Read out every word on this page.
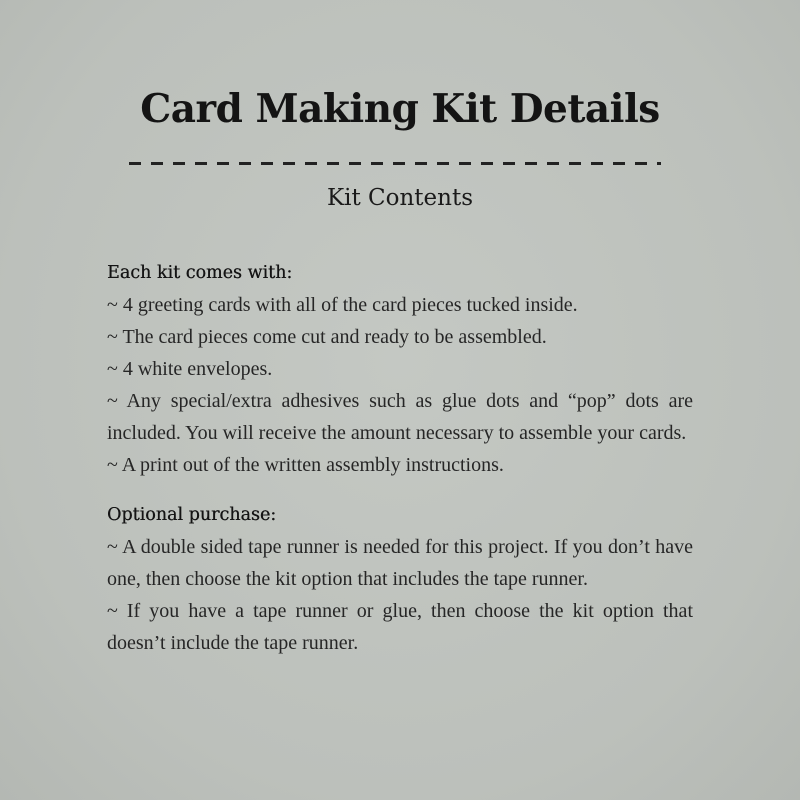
Card Making Kit Details
Kit Contents

Each kit comes with:

~ 4 greeting cards with all of the card pieces tucked inside.

~ The card pieces come cut and ready to be assembled.

~ 4 white envelopes.

~ Any special/extra adhesives such as glue dots and “pop” dots are included. You will receive the amount necessary to assemble your cards.

~ A print out of the written assembly instructions.

Optional purchase:

~ A double sided tape runner is needed for this project. If you don’t have one, then choose the kit option that includes the tape runner.

~ If you have a tape runner or glue, then choose the kit option that doesn’t include the tape runner.
